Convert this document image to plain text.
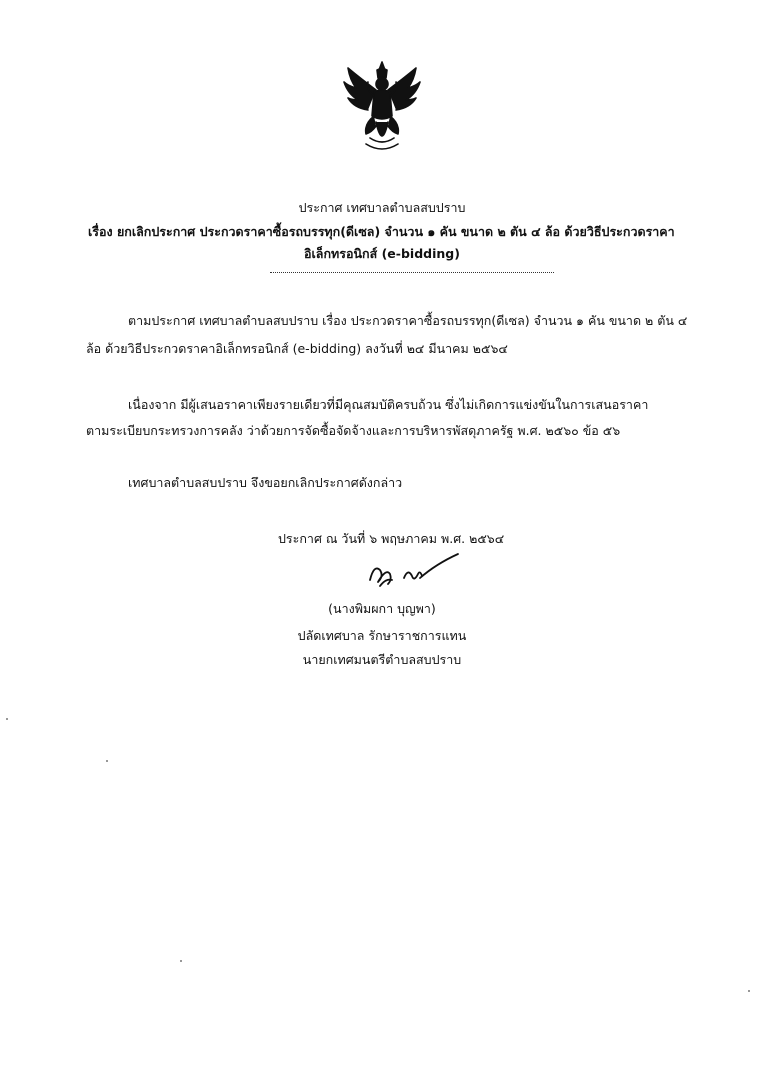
ประกาศ เทศบาลตำบลสบปราบ
เรื่อง ยกเลิกประกาศ ประกวดราคาซื้อรถบรรทุก(ดีเซล) จำนวน ๑ คัน ขนาด ๒ ตัน ๔ ล้อ ด้วยวิธีประกวดราคา
อิเล็กทรอนิกส์ (e-bidding)
ตามประกาศ เทศบาลตำบลสบปราบ เรื่อง ประกวดราคาซื้อรถบรรทุก(ดีเซล) จำนวน ๑ คัน ขนาด ๒ ตัน ๔
ล้อ ด้วยวิธีประกวดราคาอิเล็กทรอนิกส์ (e-bidding) ลงวันที่ ๒๔ มีนาคม ๒๕๖๔
เนื่องจาก มีผู้เสนอราคาเพียงรายเดียวที่มีคุณสมบัติครบถ้วน ซึ่งไม่เกิดการแข่งขันในการเสนอราคา
ตามระเบียบกระทรวงการคลัง ว่าด้วยการจัดซื้อจัดจ้างและการบริหารพัสดุภาครัฐ พ.ศ. ๒๕๖๐ ข้อ ๕๖
เทศบาลตำบลสบปราบ จึงขอยกเลิกประกาศดังกล่าว
ประกาศ ณ วันที่ ๖ พฤษภาคม พ.ศ. ๒๕๖๔
(นางพิมผกา บุญพา)
ปลัดเทศบาล รักษาราชการแทน
นายกเทศมนตรีตำบลสบปราบ
